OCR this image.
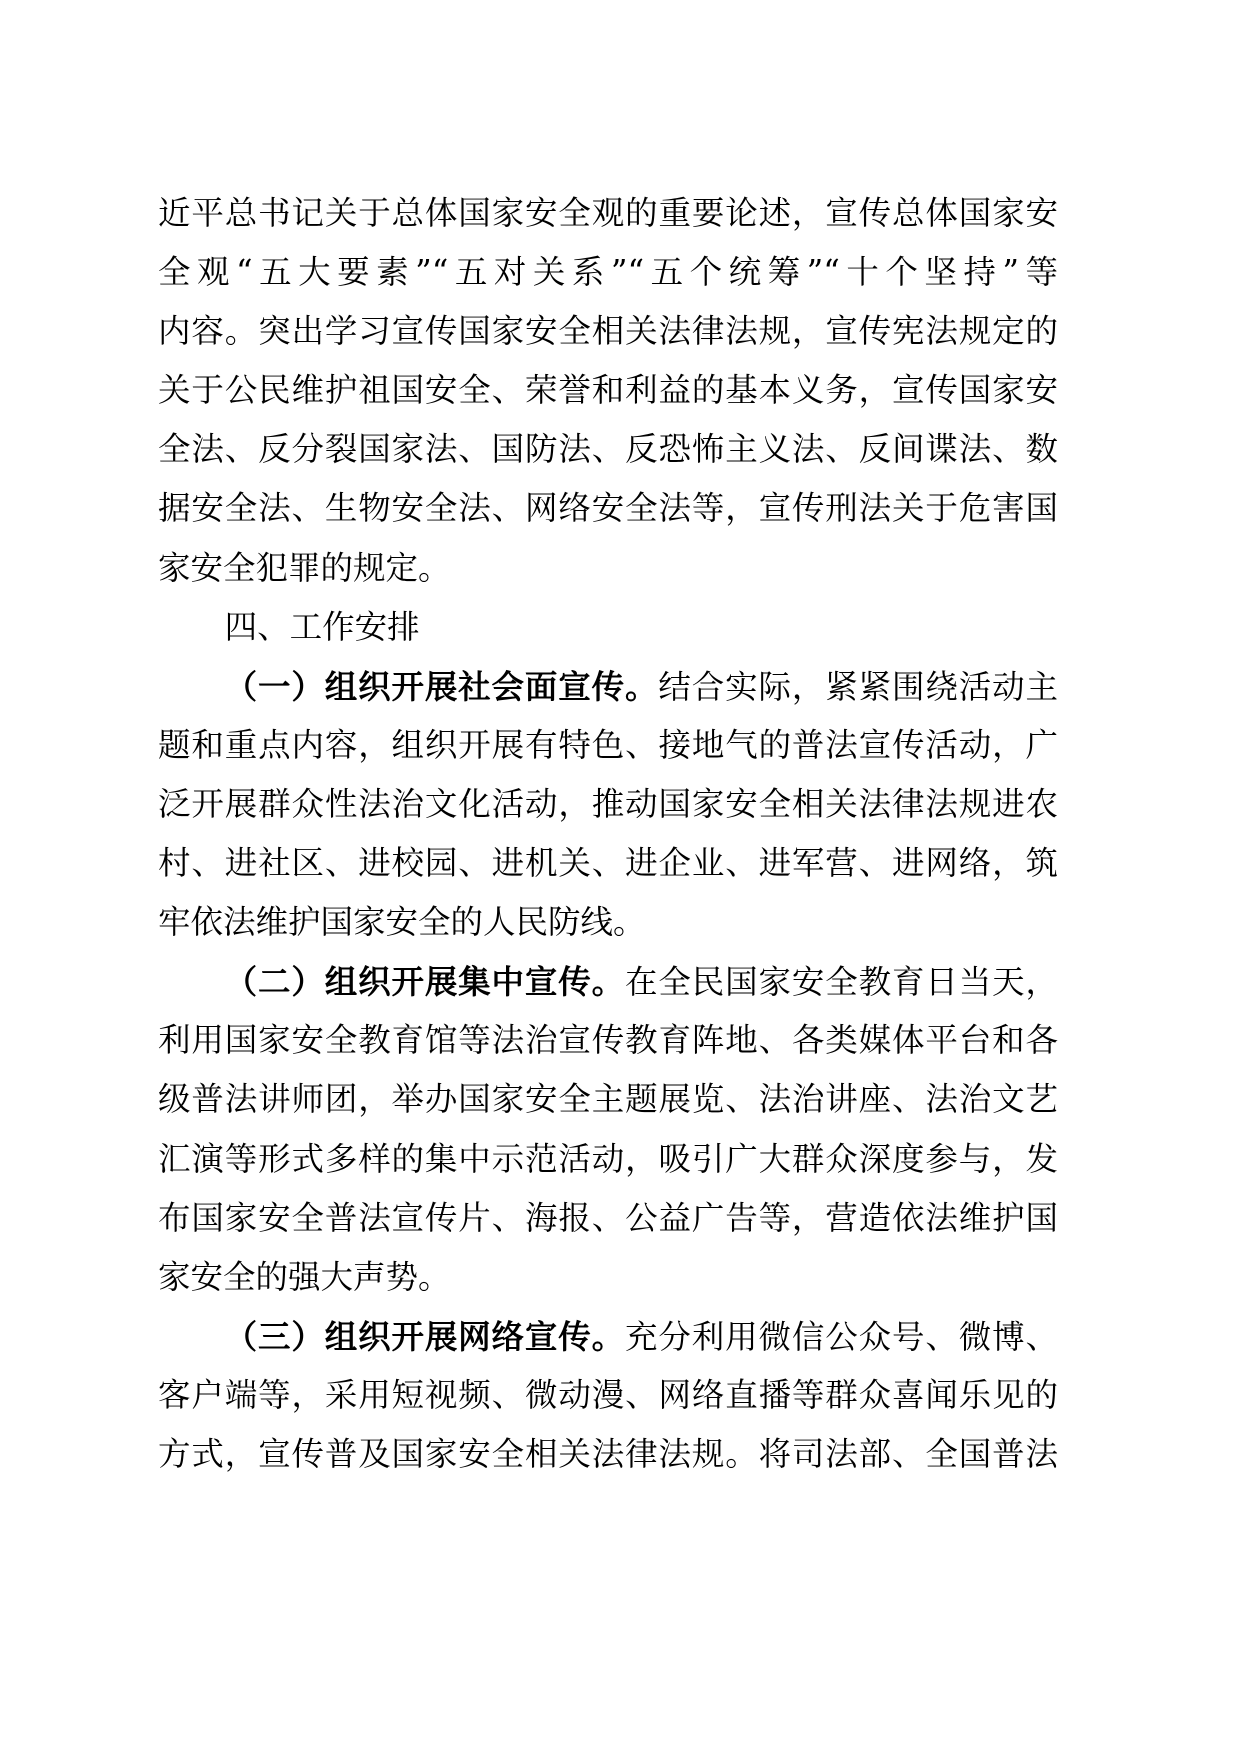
近平总书记关于总体国家安全观的重要论述，宣传总体国家安
全观“五大要素”“五对关系”“五个统筹”“十个坚持”等
内容。突出学习宣传国家安全相关法律法规，宣传宪法规定的
关于公民维护祖国安全、荣誉和利益的基本义务，宣传国家安
全法、反分裂国家法、国防法、反恐怖主义法、反间谍法、数
据安全法、生物安全法、网络安全法等，宣传刑法关于危害国
家安全犯罪的规定。
四、工作安排
（一）组织开展社会面宣传。结合实际，紧紧围绕活动主
题和重点内容，组织开展有特色、接地气的普法宣传活动，广
泛开展群众性法治文化活动，推动国家安全相关法律法规进农
村、进社区、进校园、进机关、进企业、进军营、进网络，筑
牢依法维护国家安全的人民防线。
（二）组织开展集中宣传。在全民国家安全教育日当天，
利用国家安全教育馆等法治宣传教育阵地、各类媒体平台和各
级普法讲师团，举办国家安全主题展览、法治讲座、法治文艺
汇演等形式多样的集中示范活动，吸引广大群众深度参与，发
布国家安全普法宣传片、海报、公益广告等，营造依法维护国
家安全的强大声势。
（三）组织开展网络宣传。充分利用微信公众号、微博、
客户端等，采用短视频、微动漫、网络直播等群众喜闻乐见的
方式，宣传普及国家安全相关法律法规。将司法部、全国普法
